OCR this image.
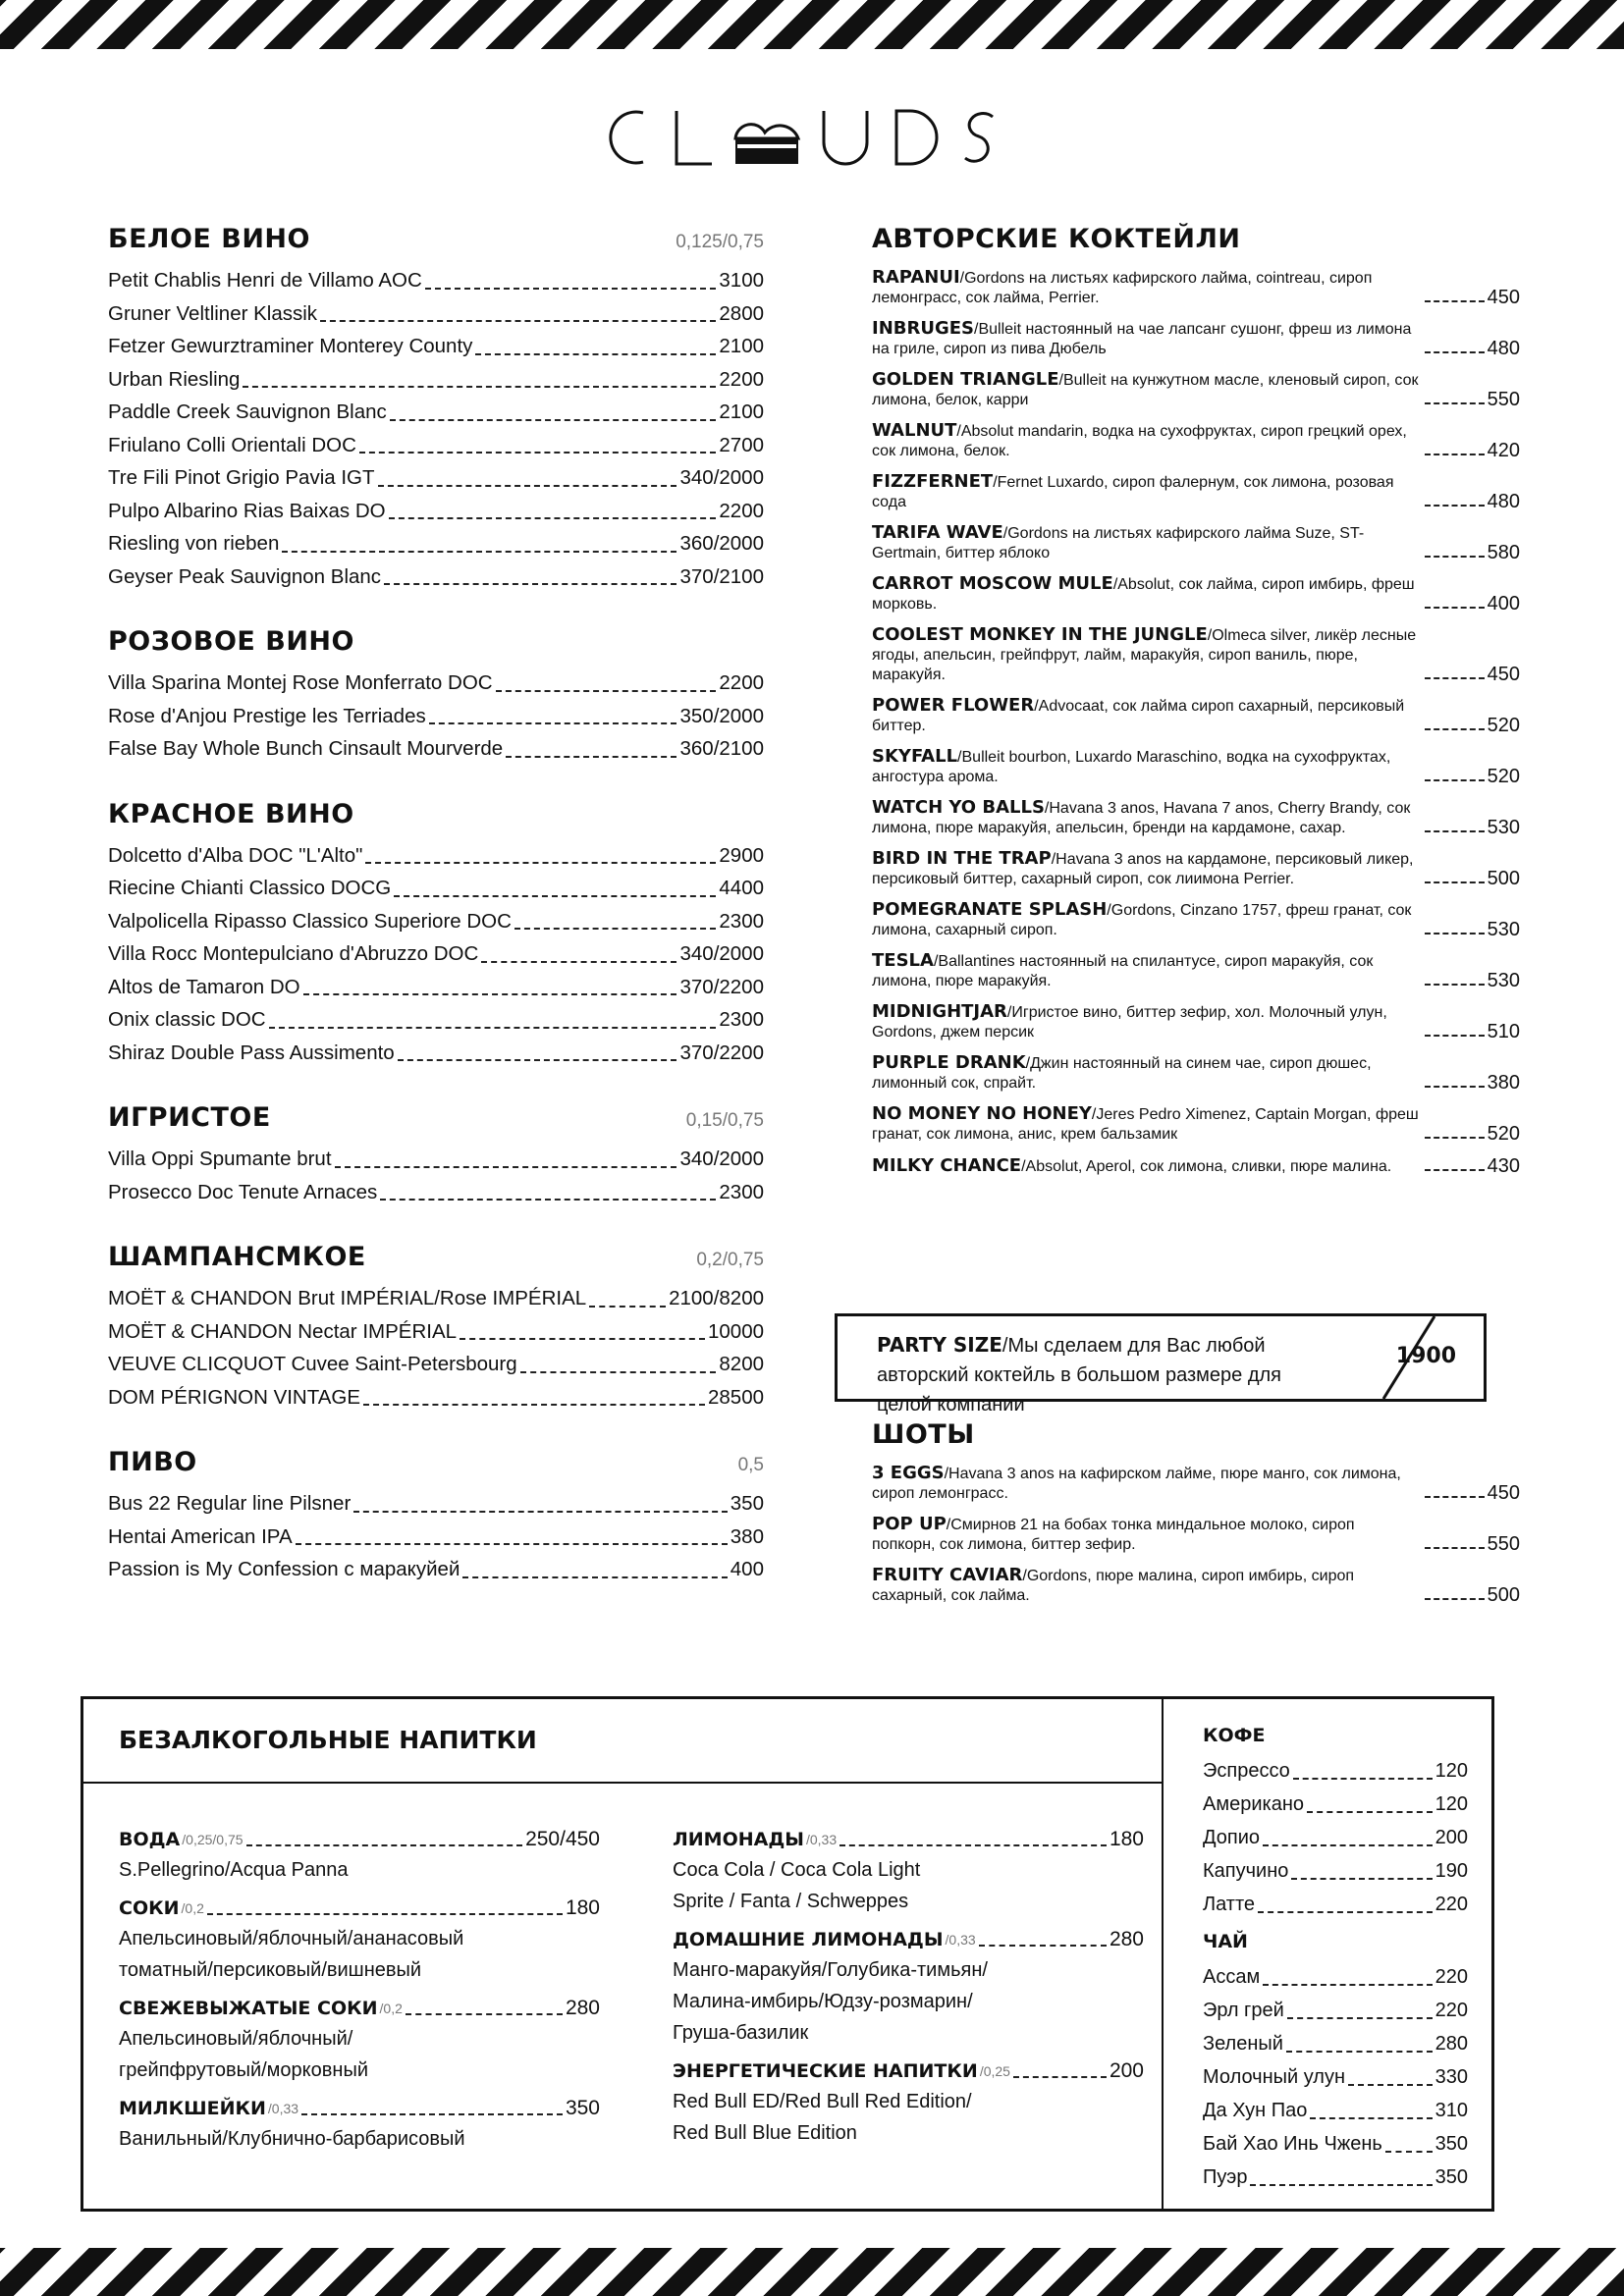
БЕЛОЕ ВИНО	0,125/0,75
Petit Chablis Henri de Villamo AOC	3100
Gruner Veltliner Klassik	2800
Fetzer Gewurztraminer Monterey County	2100
Urban Riesling	2200
Paddle Creek Sauvignon Blanc	2100
Friulano Colli Orientali DOC	2700
Tre Fili Pinot Grigio Pavia IGT	340/2000
Pulpo Albarino Rias Baixas DO	2200
Riesling von rieben	360/2000
Geyser Peak Sauvignon Blanc	370/2100
РОЗОВОЕ ВИНО
Villa Sparina Montej Rose Monferrato DOC	2200
Rose d'Anjou Prestige les Terriades	350/2000
False Bay Whole Bunch Cinsault Mourverde	360/2100
КРАСНОЕ ВИНО
Dolcetto d'Alba DOC "L'Alto"	2900
Riecine Chianti Classico DOCG	4400
Valpolicella Ripasso Classico Superiore DOC	2300
Villa Rocc Montepulciano d'Abruzzo DOC	340/2000
Altos de Tamaron DO	370/2200
Onix classic DOC	2300
Shiraz Double Pass Aussimento	370/2200
ИГРИСТОЕ	0,15/0,75
Villa Oppi Spumante brut	340/2000
Prosecco Doc Tenute Arnaces	2300
ШАМПАНСМКОЕ	0,2/0,75
MOËT & CHANDON Brut IMPÉRIAL/Rose IMPÉRIAL	2100/8200
MOËT & CHANDON Nectar IMPÉRIAL	10000
VEUVE CLICQUOT Cuvee Saint-Petersbourg	8200
DOM PÉRIGNON VINTAGE	28500
ПИВО	0,5
Bus 22 Regular line Pilsner	350
Hentai American IPA	380
Passion is My Confession с маракуйей	400
АВТОРСКИЕ КОКТЕЙЛИ
RAPANUI/Gordons на листьях кафирского лайма, cointreau, сироп лемонграсс, сок лайма, Perrier.	450
INBRUGES/Bulleit настоянный на чае лапсанг сушонг, фреш из лимона на гриле, сироп из пива Дюбель	480
GOLDEN TRIANGLE/Bulleit на кунжутном масле, кленовый сироп, сок лимона, белок, карри	550
WALNUT/Absolut mandarin, водка на сухофруктах, сироп грецкий орех, сок лимона, белок.	420
FIZZFERNET/Fernet Luxardo, сироп фалернум, сок лимона, розовая сода	480
TARIFA WAVE/Gordons на листьях кафирского лайма Suze, ST-Gertmain, биттер яблоко	580
CARROT MOSCOW MULE/Absolut, сок лайма, сироп имбирь, фреш морковь.	400
COOLEST MONKEY IN THE JUNGLE/Olmeca silver, ликёр лесные ягоды, апельсин, грейпфрут, лайм, маракуйя, сироп ваниль, пюре, маракуйя.	450
POWER FLOWER/Advocaat, сок лайма сироп сахарный, персиковый биттер.	520
SKYFALL/Bulleit bourbon, Luxardo Maraschino, водка на сухофруктах, ангостура арома.	520
WATCH YO BALLS/Havana 3 anos, Havana 7 anos, Cherry Brandy, сок лимона, пюре маракуйя, апельсин, бренди на кардамоне, сахар.	530
BIRD IN THE TRAP/Havana 3 anos на кардамоне, персиковый ликер, персиковый биттер, сахарный сироп, сок лиимона Perrier.	500
POMEGRANATE SPLASH/Gordons, Cinzano 1757, фреш гранат, сок лимона, сахарный сироп.	530
TESLA/Ballantines настоянный на спилантусе, сироп маракуйя, сок лимона, пюре маракуйя.	530
MIDNIGHTJAR/Игристое вино, биттер зефир, хол. Молочный улун, Gordons, джем персик	510
PURPLE DRANK/Джин настоянный на синем чае, сироп дюшес, лимонный сок, спрайт.	380
NO MONEY NO HONEY/Jeres Pedro Ximenez, Captain Morgan, фреш гранат, сок лимона, анис, крем бальзамик	520
MILKY CHANCE/Absolut, Aperol, сок лимона, сливки, пюре малина.	430
PARTY SIZE/Мы сделаем для Вас любой авторский коктейль в большом размере для целой компании
1900
ШОТЫ
3 EGGS/Havana 3 anos на кафирском лайме, пюре манго, сок лимона, сироп лемонграсс.	450
POP UP/Смирнов 21 на бобах тонка миндальное молоко, сироп попкорн, сок лимона, биттер зефир.	550
FRUITY CAVIAR/Gordons, пюре малина, сироп имбирь, сироп сахарный, сок лайма.	500
БЕЗАЛКОГОЛЬНЫЕ НАПИТКИ
ВОДА /0,25/0,75	250/450
S.Pellegrino/Acqua Panna
СОКИ /0,2	180
Апельсиновый/яблочный/ананасовый
томатный/персиковый/вишневый
СВЕЖЕВЫЖАТЫЕ СОКИ /0,2	280
Апельсиновый/яблочный/
грейпфрутовый/морковный
МИЛКШЕЙКИ /0,33	350
Ванильный/Клубнично-барбарисовый
ЛИМОНАДЫ /0,33	180
Coca Cola / Coca Cola Light
Sprite / Fanta / Schweppes
ДОМАШНИЕ ЛИМОНАДЫ /0,33	280
Манго-маракуйя/Голубика-тимьян/
Малина-имбирь/Юдзу-розмарин/
Груша-базилик
ЭНЕРГЕТИЧЕСКИЕ НАПИТКИ /0,25	200
Red Bull ED/Red Bull Red Edition/
Red Bull Blue Edition
КОФЕ
Эспрессо	120
Американо	120
Допио	200
Капучино	190
Латте	220
ЧАЙ
Ассам	220
Эрл грей	220
Зеленый	280
Молочный улун	330
Да Хун Пао	310
Бай Хао Инь Чжень	350
Пуэр	350
